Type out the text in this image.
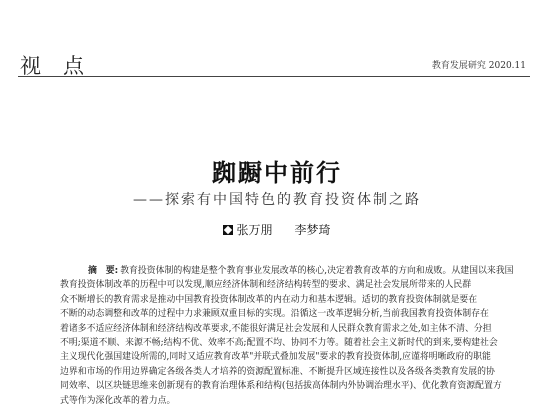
视点	教育发展研究 2020.11
踟蹰中前行
——探索有中国特色的教育投资体制之路
张万朋 李梦琦
摘　要: 教育投资体制的构建是整个教育事业发展改革的核心,决定着教育改革的方向和成败。从建国以来我国
教育投资体制改革的历程中可以发现,顺应经济体制和经济结构转型的要求、满足社会发展所带来的人民群
众不断增长的教育需求是推动中国教育投资体制改革的内在动力和基本逻辑。适切的教育投资体制就是要在
不断的动态调整和改革的过程中力求兼顾双重目标的实现。沿循这一改革逻辑分析,当前我国教育投资体制存在
着诸多不适应经济体制和经济结构改革要求,不能很好满足社会发展和人民群众教育需求之处,如主体不清、分担
不明;渠道不顺、来源不畅;结构不优、效率不高;配置不均、协同不力等。随着社会主义新时代的到来,要构建社会
主义现代化强国建设所需的,同时又适应教育改革"并联式叠加发展"要求的教育投资体制,应谨将明晰政府的职能
边界和市场的作用边界确定各级各类人才培养的资源配置标准、不断提升区域连接性以及各级各类教育发展的协
同效率、以区块链思维来创新现有的教育治理体系和结构(包括拔高体制内外协调治理水平)、优化教育资源配置方
式等作为深化改革的着力点。
